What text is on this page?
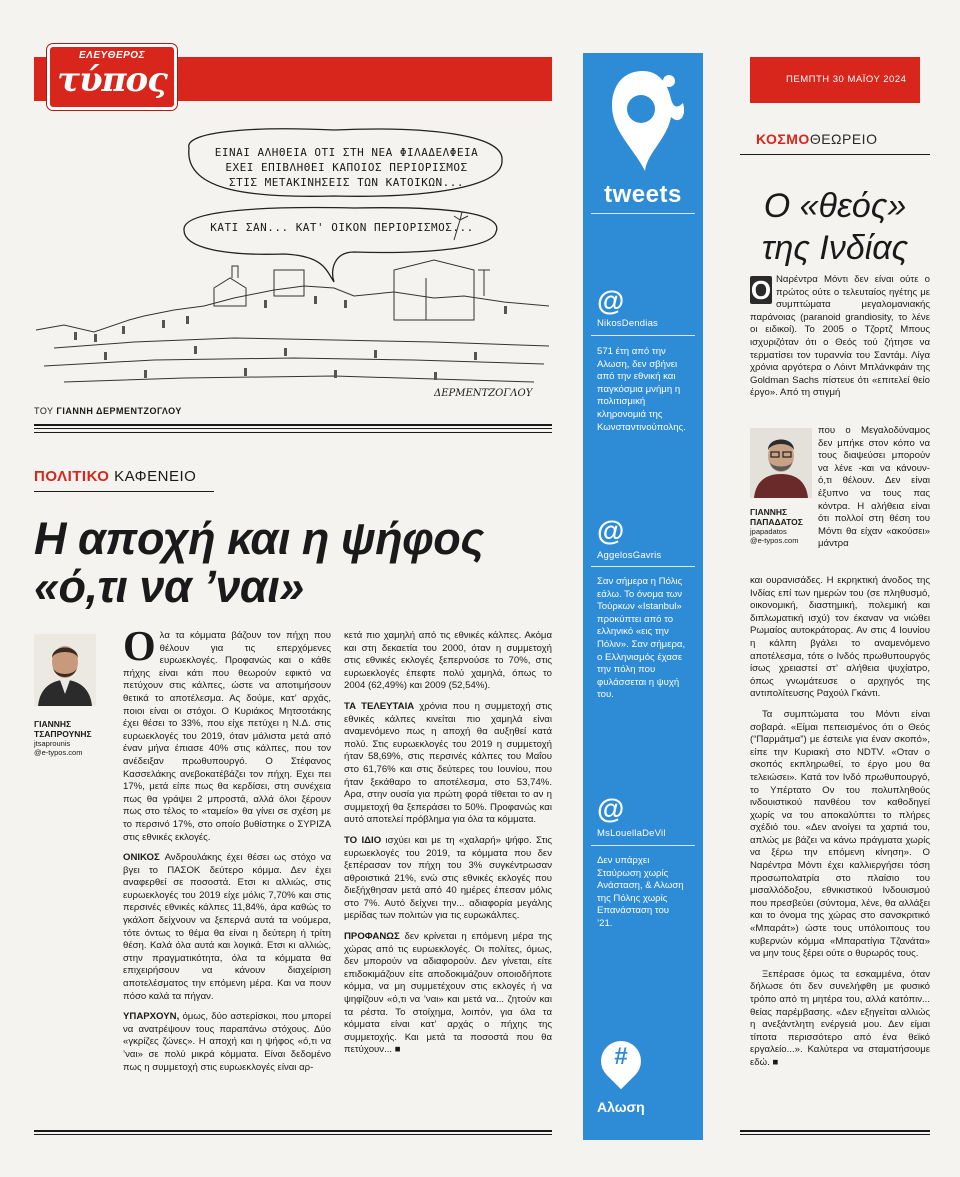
ΕΛΕΥΘΕΡΟΣ
τύπος
ΕΙΝΑΙ ΑΛΗΘΕΙΑ ΟΤΙ ΣΤΗ ΝΕΑ ΦΙΛΑΔΕΛΦΕΙΑ
ΕΧΕΙ ΕΠΙΒΛΗΘΕΙ ΚΑΠΟΙΟΣ ΠΕΡΙΟΡΙΣΜΟΣ
ΣΤΙΣ ΜΕΤΑΚΙΝΗΣΕΙΣ ΤΩΝ ΚΑΤΟΙΚΩΝ...
ΚΑΤΙ ΣΑΝ... ΚΑΤ' ΟΙΚΟΝ ΠΕΡΙΟΡΙΣΜΟΣ...
ΔΕΡΜΕΝΤΖΟΓΛΟΥ
ΤΟΥ ΓΙΑΝΝΗ ΔΕΡΜΕΝΤΖΟΓΛΟΥ
ΠΟΛΙΤΙΚΟ ΚΑΦΕΝΕΙΟ
Η αποχή και η ψήφος «ό,τι να ’ναι»
ΓΙΑΝΝΗΣ
ΤΣΑΠΡΟΥΝΗΣ
jtsaprounis
@e-typos.com

Ολα τα κόμματα βάζουν τον πήχη που θέλουν για τις επερχόμενες ευρωεκλογές. Προφανώς και ο κάθε πήχης είναι κάτι που θεωρούν εφικτό να πετύχουν στις κάλπες, ώστε να αποτιμήσουν θετικά το αποτέλεσμα. Ας δούμε, κατ’ αρχάς, ποιοι είναι οι στόχοι. Ο Κυριάκος Μητσοτάκης έχει θέσει το 33%, που είχε πετύχει η Ν.Δ. στις ευρωεκλογές του 2019, όταν μάλιστα μετά από έναν μήνα έπιασε 40% στις κάλπες, που τον ανέδειξαν πρωθυπουργό. Ο Στέφανος Κασσελάκης ανεβοκατέβάζει τον πήχη. Εχει πει 17%, μετά είπε πως θα κερδίσει, στη συνέχεια πως θα γράψει 2 μπροστά, αλλά όλοι ξέρουν πως στο τέλος το «ταμείο» θα γίνει σε σχέση με το περσινό 17%, στο οποίο βυθίστηκε ο ΣΥΡΙΖΑ στις εθνικές εκλογές.

ΟΝΙΚΟΣ Ανδρουλάκης έχει θέσει ως στόχο να βγει το ΠΑΣΟΚ δεύτερο κόμμα. Δεν έχει αναφερθεί σε ποσοστά. Ετσι κι αλλιώς, στις ευρωεκλογές του 2019 είχε μόλις 7,70% και στις περσινές εθνικές κάλπες 11,84%, άρα καθώς το γκάλοπ δείχνουν να ξεπερνά αυτά τα νούμερα, τότε όντως το θέμα θα είναι η δεύτερη ή τρίτη θέση. Καλά όλα αυτά και λογικά. Ετσι κι αλλιώς, στην πραγματικότητα, όλα τα κόμματα θα επιχειρήσουν να κάνουν διαχείριση αποτελέσματος την επόμενη μέρα. Και να πουν πόσο καλά τα πήγαν.

ΥΠΑΡΧΟΥΝ, όμως, δύο αστερίσκοι, που μπορεί να ανατρέψουν τους παραπάνω στόχους. Δύο «γκρίζες ζώνες». Η αποχή και η ψήφος «ό,τι να ’ναι» σε πολύ μικρά κόμματα. Είναι δεδομένο πως η συμμετοχή στις ευρωεκλογές είναι αρ-

κετά πιο χαμηλή από τις εθνικές κάλπες. Ακόμα και στη δεκαετία του 2000, όταν η συμμετοχή στις εθνικές εκλογές ξεπερνούσε το 70%, στις ευρωεκλογές έπεφτε πολύ χαμηλά, όπως το 2004 (62,49%) και 2009 (52,54%).

ΤΑ ΤΕΛΕΥΤΑΙΑ χρόνια που η συμμετοχή στις εθνικές κάλπες κινείται πιο χαμηλά είναι αναμενόμενο πως η αποχή θα αυξηθεί κατά πολύ. Στις ευρωεκλογές του 2019 η συμμετοχή ήταν 58,69%, στις περσινές κάλπες του Μαΐου στο 61,76% και στις δεύτερες του Ιουνίου, που ήταν ξεκάθαρο το αποτέλεσμα, στο 53,74%. Αρα, στην ουσία για πρώτη φορά τίθεται το αν η συμμετοχή θα ξεπεράσει το 50%. Προφανώς και αυτό αποτελεί πρόβλημα για όλα τα κόμματα.

ΤΟ ΙΔΙΟ ισχύει και με τη «χαλαρή» ψήφο. Στις ευρωεκλογές του 2019, τα κόμματα που δεν ξεπέρασαν τον πήχη του 3% συγκέντρωσαν αθροιστικά 21%, ενώ στις εθνικές εκλογές που διεξήχθησαν μετά από 40 ημέρες έπεσαν μόλις στο 7%. Αυτό δείχνει την... αδιαφορία μεγάλης μερίδας των πολιτών για τις ευρωκάλπες.

ΠΡΟΦΑΝΩΣ δεν κρίνεται η επόμενη μέρα της χώρας από τις ευρωεκλογές. Οι πολίτες, όμως, δεν μπορούν να αδιαφορούν. Δεν γίνεται, είτε επιδοκιμάζουν είτε αποδοκιμάζουν οποιοδήποτε κόμμα, να μη συμμετέχουν στις εκλογές ή να ψηφίζουν «ό,τι να ’ναι» και μετά να... ζητούν και τα ρέστα. Το στοίχημα, λοιπόν, για όλα τα κόμματα είναι κατ’ αρχάς ο πήχης της συμμετοχής. Και μετά τα ποσοστά που θα πετύχουν... ■

tweets
@
NikosDendias
571 έτη από την Αλωση, δεν σβήνει από την εθνική και παγκόσμια μνήμη η πολιτισμική κληρονομιά της Κωνσταντινούπολης.
@
AggelosGavris
Σαν σήμερα η Πόλις εάλω. Το όνομα των Τούρκων «Istanbul» προκύπτει από το ελληνικό «εις την Πόλιν». Σαν σήμερα, ο Ελληνισμός έχασε την πόλη που φυλάσσεται η ψυχή του.
@
MsLouellaDeVil
Δεν υπάρχει Σταύρωση χωρίς Ανάσταση, & Αλωση της Πόλης χωρίς Επανάσταση του ’21.
#
Αλωση
ΠΕΜΠΤΗ 30 ΜΑΪΟΥ 2024
ΚΟΣΜΟΘΕΩΡΕΙΟ
Ο «θεός» της Ινδίας

Ο Ναρέντρα Μόντι δεν είναι ούτε ο πρώτος ούτε ο τελευταίος ηγέτης με συμπτώματα μεγαλομανιακής παράνοιας (paranoid grandiosity, το λένε οι ειδικοί). Το 2005 ο Τζορτζ Μπους ισχυριζόταν ότι ο Θεός τού ζήτησε να τερματίσει τον τυραννία του Σαντάμ. Λίγα χρόνια αργότερα ο Λόιντ Μπλάνκφάιν της Goldman Sachs πίστευε ότι «επιτελεί θείο έργο». Από τη στιγμή

ΓΙΑΝΝΗΣ
ΠΑΠΑΔΑΤΟΣ
jpapadatos
@e-typos.com

που ο Μεγαλοδύναμος δεν μπήκε στον κόπο να τους διαψεύσει μπορούν να λένε -και να κάνουν- ό,τι θέλουν. Δεν είναι έξυπνο να τους πας κόντρα. Η αλήθεια είναι ότι πολλοί στη θέση του Μόντι θα είχαν «ακούσει» μάντρα

και ουρανισάδες. Η εκρηκτική άνοδος της Ινδίας επί των ημερών του (σε πληθυσμό, οικονομική, διαστημική, πολεμική και διπλωματική ισχύ) τον έκαναν να νιώθει Ρωμαίος αυτοκράτορας. Αν στις 4 Ιουνίου η κάλπη βγάλει το αναμενόμενο αποτέλεσμα, τότε ο Ινδός πρωθυπουργός ίσως χρειαστεί στ’ αλήθεια ψυχίατρο, όπως γνωμάτευσε ο αρχηγός της αντιπολίτευσης Ραχούλ Γκάντι.

Τα συμπτώματα του Μόντι είναι σοβαρά. «Είμαι πεπεισμένος ότι ο Θεός (“Παρμάτμα”) με έστειλε για έναν σκοπό», είπε την Κυριακή στο NDTV. «Οταν ο σκοπός εκπληρωθεί, το έργο μου θα τελειώσει». Κατά τον Ινδό πρωθυπουργό, το Υπέρτατο Ον του πολυπληθούς ινδουιστικού πανθέου τον καθοδηγεί χωρίς να του αποκαλύπτει το πλήρες σχέδιό του. «Δεν ανοίγει τα χαρτιά του, απλώς με βάζει να κάνω πράγματα χωρίς να ξέρω την επόμενη κίνηση». Ο Ναρέντρα Μόντι έχει καλλιεργήσει τόση προσωπολατρία στο πλαίσιο του μισαλλόδοξου, εθνικιστικού Ινδουισμού που πρεσβεύει (σύντομα, λένε, θα αλλάξει και το όνομα της χώρας στο σανσκριτικό «Μπαράτ») ώστε τους υπόλοιπους του κυβερνών κόμμα «Μπαρατίγια Τζανάτα» να μην τους ξέρει ούτε ο θυρωρός τους.

Ξεπέρασε όμως τα εσκαμμένα, όταν δήλωσε ότι δεν συνελήφθη με φυσικό τρόπο από τη μητέρα του, αλλά κατόπιν... θείας παρέμβασης. «Δεν εξηγείται αλλιώς η ανεξάντλητη ενέργειά μου. Δεν είμαι τίποτα περισσότερο από ένα θεϊκό εργαλείο...». Καλύτερα να σταματήσουμε εδώ. ■
